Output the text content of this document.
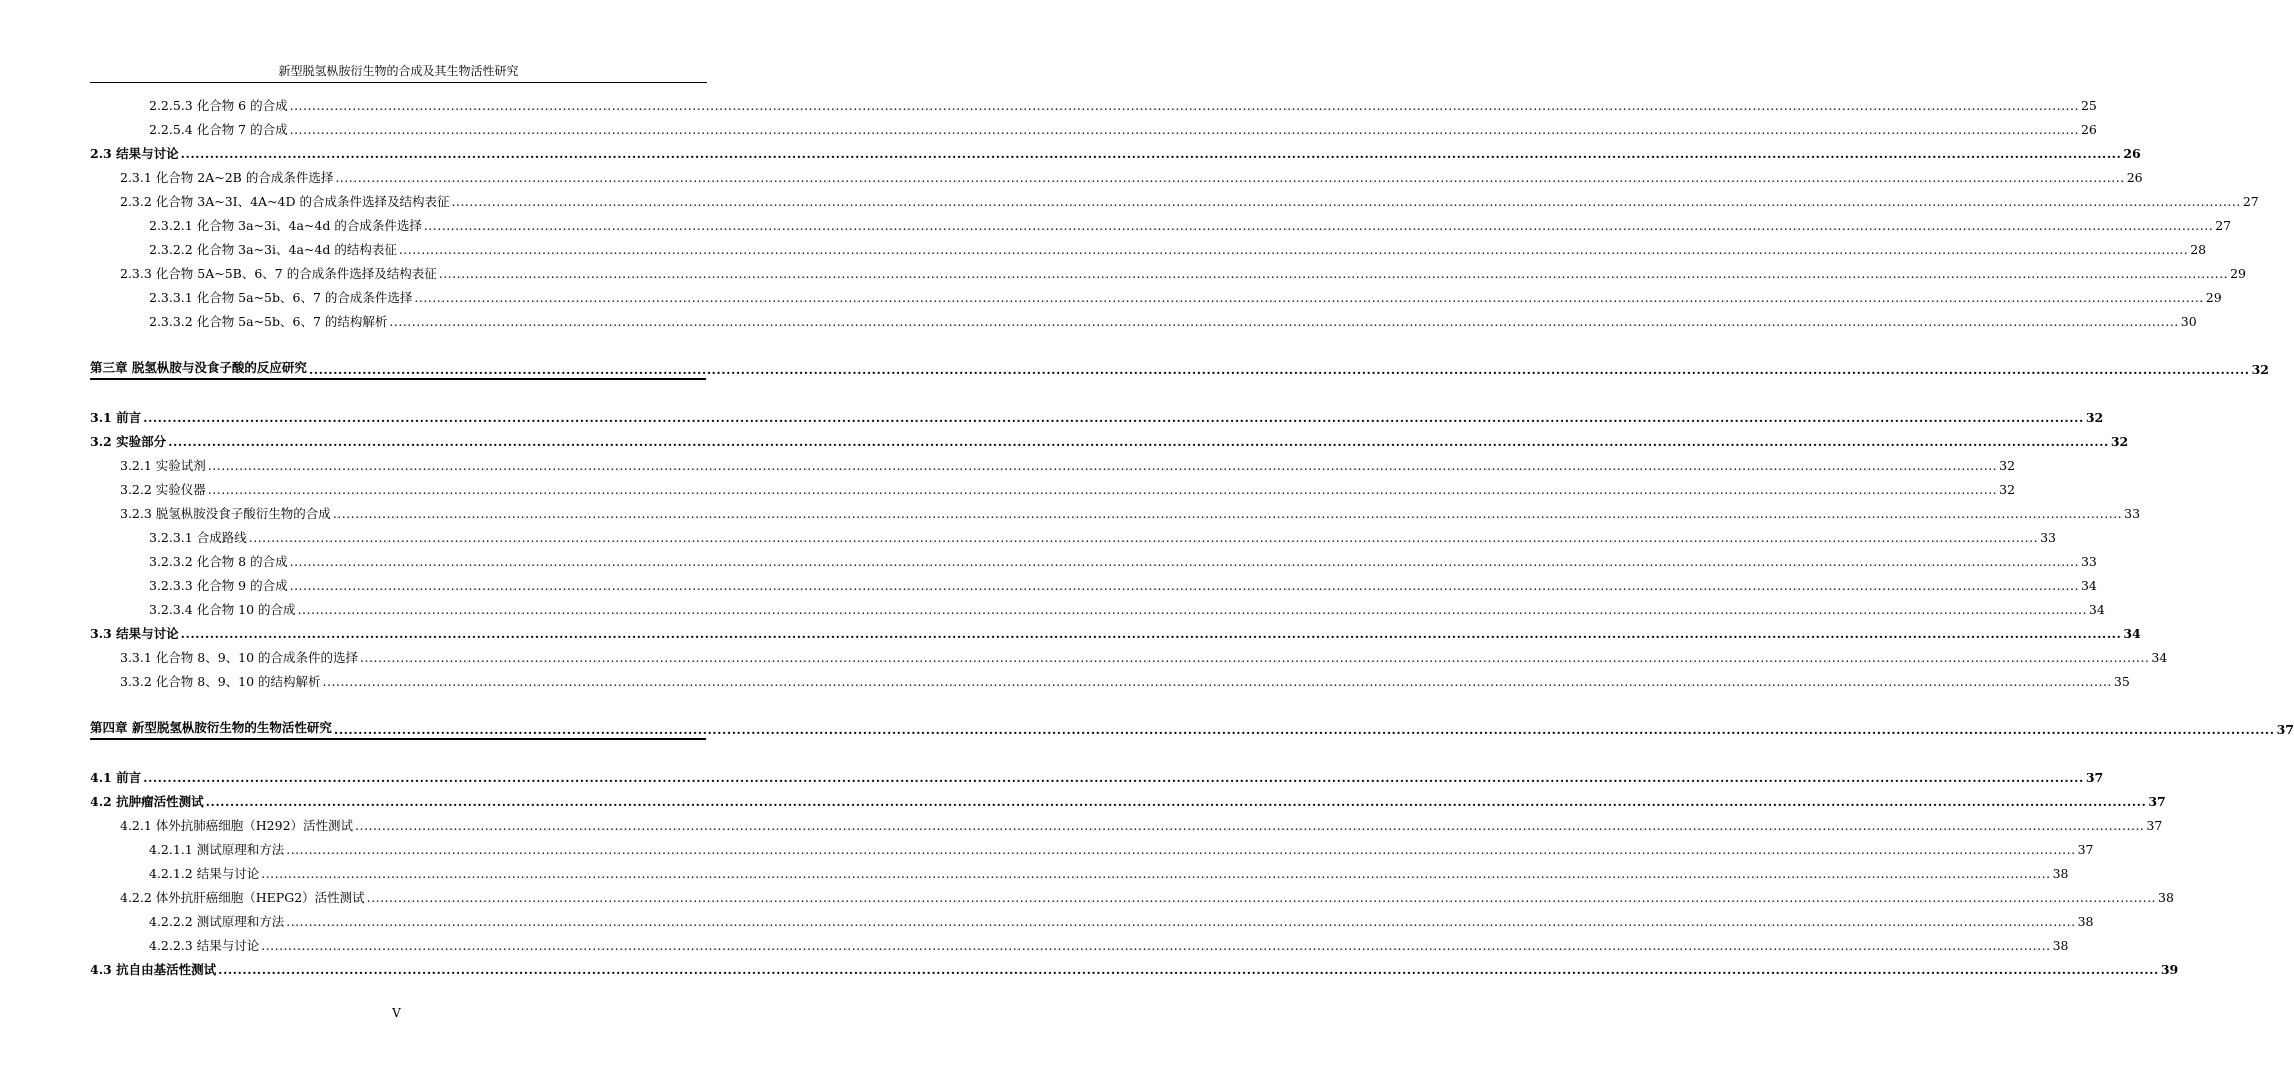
新型脱氢枞胺衍生物的合成及其生物活性研究
2.2.5.3 化合物 6 的合成 ................................................................................................................................................................................................................................................................................................................................................................................................................ 25
2.2.5.4 化合物 7 的合成 ................................................................................................................................................................................................................................................................................................................................................................................................................ 26
2.3 结果与讨论 ................................................................................................................................................................................................................................................................................................................................................................................................................ 26
2.3.1 化合物 2A~2B 的合成条件选择 ................................................................................................................................................................................................................................................................................................................................................................................................................ 26
2.3.2 化合物 3A~3I、4A~4D 的合成条件选择及结构表征 ................................................................................................................................................................................................................................................................................................................................................................................................................ 27
2.3.2.1 化合物 3a~3i、4a~4d 的合成条件选择 ................................................................................................................................................................................................................................................................................................................................................................................................................ 27
2.3.2.2 化合物 3a~3i、4a~4d 的结构表征 ................................................................................................................................................................................................................................................................................................................................................................................................................ 28
2.3.3 化合物 5A~5B、6、7 的合成条件选择及结构表征 ................................................................................................................................................................................................................................................................................................................................................................................................................ 29
2.3.3.1 化合物 5a~5b、6、7 的合成条件选择 ................................................................................................................................................................................................................................................................................................................................................................................................................ 29
2.3.3.2 化合物 5a~5b、6、7 的结构解析 ................................................................................................................................................................................................................................................................................................................................................................................................................ 30
第三章 脱氢枞胺与没食子酸的反应研究 ................................................................................................................................................................................................................................................................................................................................................................................................................ 32
3.1 前言 ................................................................................................................................................................................................................................................................................................................................................................................................................ 32
3.2 实验部分 ................................................................................................................................................................................................................................................................................................................................................................................................................ 32
3.2.1 实验试剂 ................................................................................................................................................................................................................................................................................................................................................................................................................ 32
3.2.2 实验仪器 ................................................................................................................................................................................................................................................................................................................................................................................................................ 32
3.2.3 脱氢枞胺没食子酸衍生物的合成 ................................................................................................................................................................................................................................................................................................................................................................................................................ 33
3.2.3.1 合成路线 ................................................................................................................................................................................................................................................................................................................................................................................................................ 33
3.2.3.2 化合物 8 的合成 ................................................................................................................................................................................................................................................................................................................................................................................................................ 33
3.2.3.3 化合物 9 的合成 ................................................................................................................................................................................................................................................................................................................................................................................................................ 34
3.2.3.4 化合物 10 的合成 ................................................................................................................................................................................................................................................................................................................................................................................................................ 34
3.3 结果与讨论 ................................................................................................................................................................................................................................................................................................................................................................................................................ 34
3.3.1 化合物 8、9、10 的合成条件的选择 ................................................................................................................................................................................................................................................................................................................................................................................................................ 34
3.3.2 化合物 8、9、10 的结构解析 ................................................................................................................................................................................................................................................................................................................................................................................................................ 35
第四章 新型脱氢枞胺衍生物的生物活性研究 ................................................................................................................................................................................................................................................................................................................................................................................................................ 37
4.1 前言 ................................................................................................................................................................................................................................................................................................................................................................................................................ 37
4.2 抗肿瘤活性测试 ................................................................................................................................................................................................................................................................................................................................................................................................................ 37
4.2.1 体外抗肺癌细胞（H292）活性测试 ................................................................................................................................................................................................................................................................................................................................................................................................................ 37
4.2.1.1 测试原理和方法 ................................................................................................................................................................................................................................................................................................................................................................................................................ 37
4.2.1.2 结果与讨论 ................................................................................................................................................................................................................................................................................................................................................................................................................ 38
4.2.2 体外抗肝癌细胞（HEPG2）活性测试 ................................................................................................................................................................................................................................................................................................................................................................................................................ 38
4.2.2.2 测试原理和方法 ................................................................................................................................................................................................................................................................................................................................................................................................................ 38
4.2.2.3 结果与讨论 ................................................................................................................................................................................................................................................................................................................................................................................................................ 38
4.3 抗自由基活性测试 ................................................................................................................................................................................................................................................................................................................................................................................................................ 39
V
